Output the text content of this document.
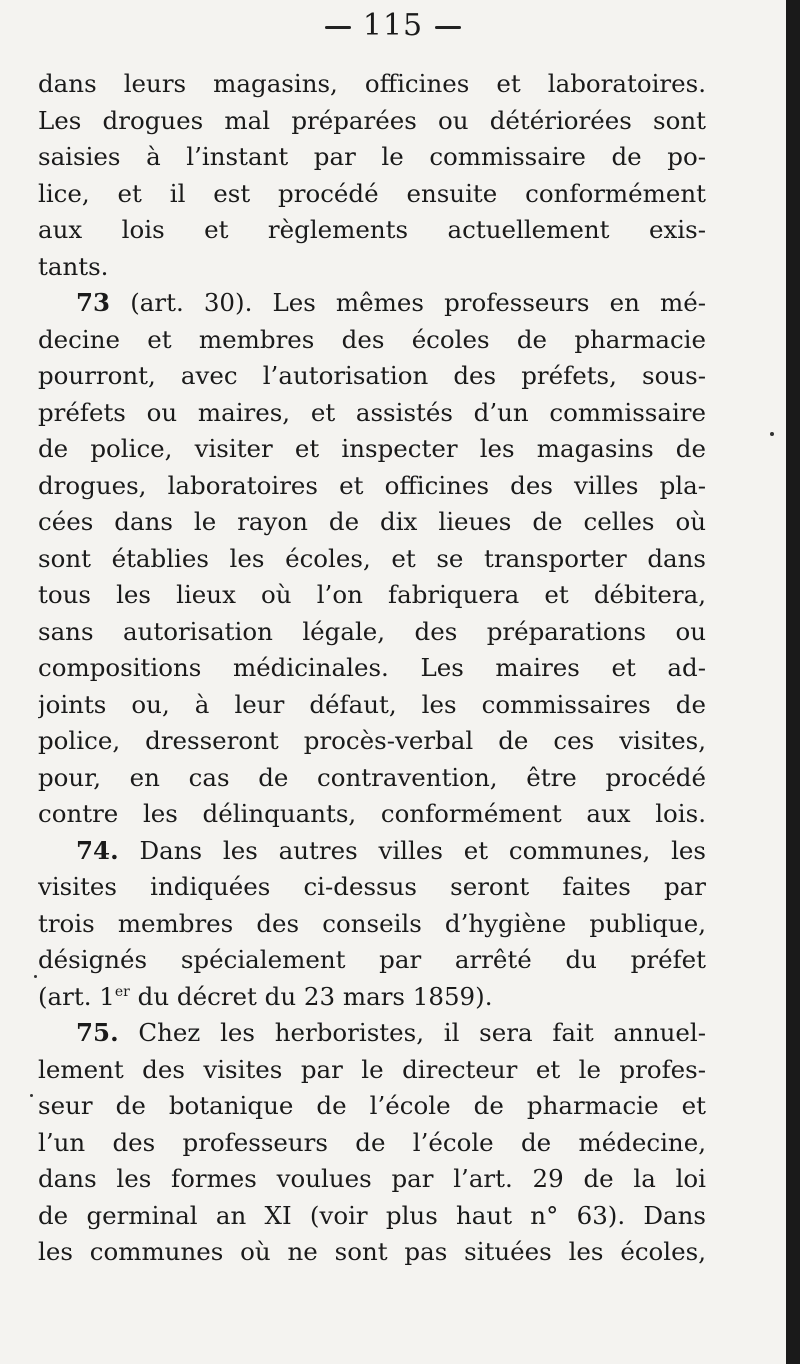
115
dans leurs magasins, officines et laboratoires.
Les drogues mal préparées ou détériorées sont
saisies à l’instant par le commissaire de po-
lice, et il est procédé ensuite conformément
aux lois et règlements actuellement exis-
tants.
73 (art. 30). Les mêmes professeurs en mé-
decine et membres des écoles de pharmacie
pourront, avec l’autorisation des préfets, sous-
préfets ou maires, et assistés d’un commissaire
de police, visiter et inspecter les magasins de
drogues, laboratoires et officines des villes pla-
cées dans le rayon de dix lieues de celles où
sont établies les écoles, et se transporter dans
tous les lieux où l’on fabriquera et débitera,
sans autorisation légale, des préparations ou
compositions médicinales. Les maires et ad-
joints ou, à leur défaut, les commissaires de
police, dresseront procès-verbal de ces visites,
pour, en cas de contravention, être procédé
contre les délinquants, conformément aux lois.
74. Dans les autres villes et communes, les
visites indiquées ci-dessus seront faites par
trois membres des conseils d’hygiène publique,
désignés spécialement par arrêté du préfet
(art. 1er du décret du 23 mars 1859).
75. Chez les herboristes, il sera fait annuel-
lement des visites par le directeur et le profes-
seur de botanique de l’école de pharmacie et
l’un des professeurs de l’école de médecine,
dans les formes voulues par l’art. 29 de la loi
de germinal an XI (voir plus haut n° 63). Dans
les communes où ne sont pas situées les écoles,
